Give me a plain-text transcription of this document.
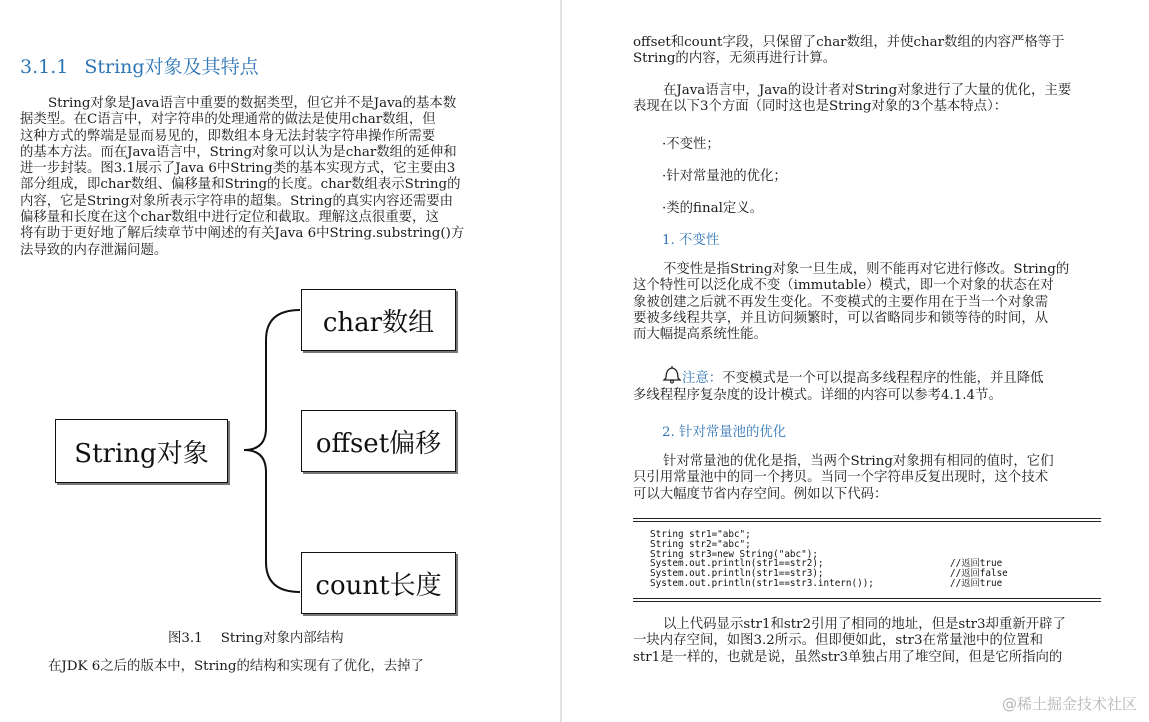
3.1.1 String对象及其特点
String对象是Java语言中重要的数据类型，但它并不是Java的基本数
据类型。在C语言中，对字符串的处理通常的做法是使用char数组，但
这种方式的弊端是显而易见的，即数组本身无法封装字符串操作所需要
的基本方法。而在Java语言中，String对象可以认为是char数组的延伸和
进一步封装。图3.1展示了Java 6中String类的基本实现方式，它主要由3
部分组成，即char数组、偏移量和String的长度。char数组表示String的
内容，它是String对象所表示字符串的超集。String的真实内容还需要由
偏移量和长度在这个char数组中进行定位和截取。理解这点很重要，这
将有助于更好地了解后续章节中阐述的有关Java 6中String.substring()方
法导致的内存泄漏问题。
String对象
char数组
offset偏移
count长度
图3.1 String对象内部结构
在JDK 6之后的版本中，String的结构和实现有了优化，去掉了
offset和count字段，只保留了char数组，并使char数组的内容严格等于
String的内容，无须再进行计算。
在Java语言中，Java的设计者对String对象进行了大量的优化，主要
表现在以下3个方面（同时这也是String对象的3个基本特点）：
·不变性；
·针对常量池的优化；
·类的final定义。
1. 不变性
不变性是指String对象一旦生成，则不能再对它进行修改。String的
这个特性可以泛化成不变（immutable）模式，即一个对象的状态在对
象被创建之后就不再发生变化。不变模式的主要作用在于当一个对象需
要被多线程共享，并且访问频繁时，可以省略同步和锁等待的时间，从
而大幅提高系统性能。
注意：不变模式是一个可以提高多线程程序的性能，并且降低
多线程程序复杂度的设计模式。详细的内容可以参考4.1.4节。
2. 针对常量池的优化
针对常量池的优化是指，当两个String对象拥有相同的值时，它们
只引用常量池中的同一个拷贝。当同一个字符串反复出现时，这个技术
可以大幅度节省内存空间。例如以下代码：
String str1="abc";
String str2="abc";
String str3=new String("abc");
System.out.println(str1==str2);	//返回true
System.out.println(str1==str3);	//返回false
System.out.println(str1==str3.intern());	//返回true
以上代码显示str1和str2引用了相同的地址，但是str3却重新开辟了
一块内存空间，如图3.2所示。但即便如此，str3在常量池中的位置和
str1是一样的，也就是说，虽然str3单独占用了堆空间，但是它所指向的
@稀土掘金技术社区
